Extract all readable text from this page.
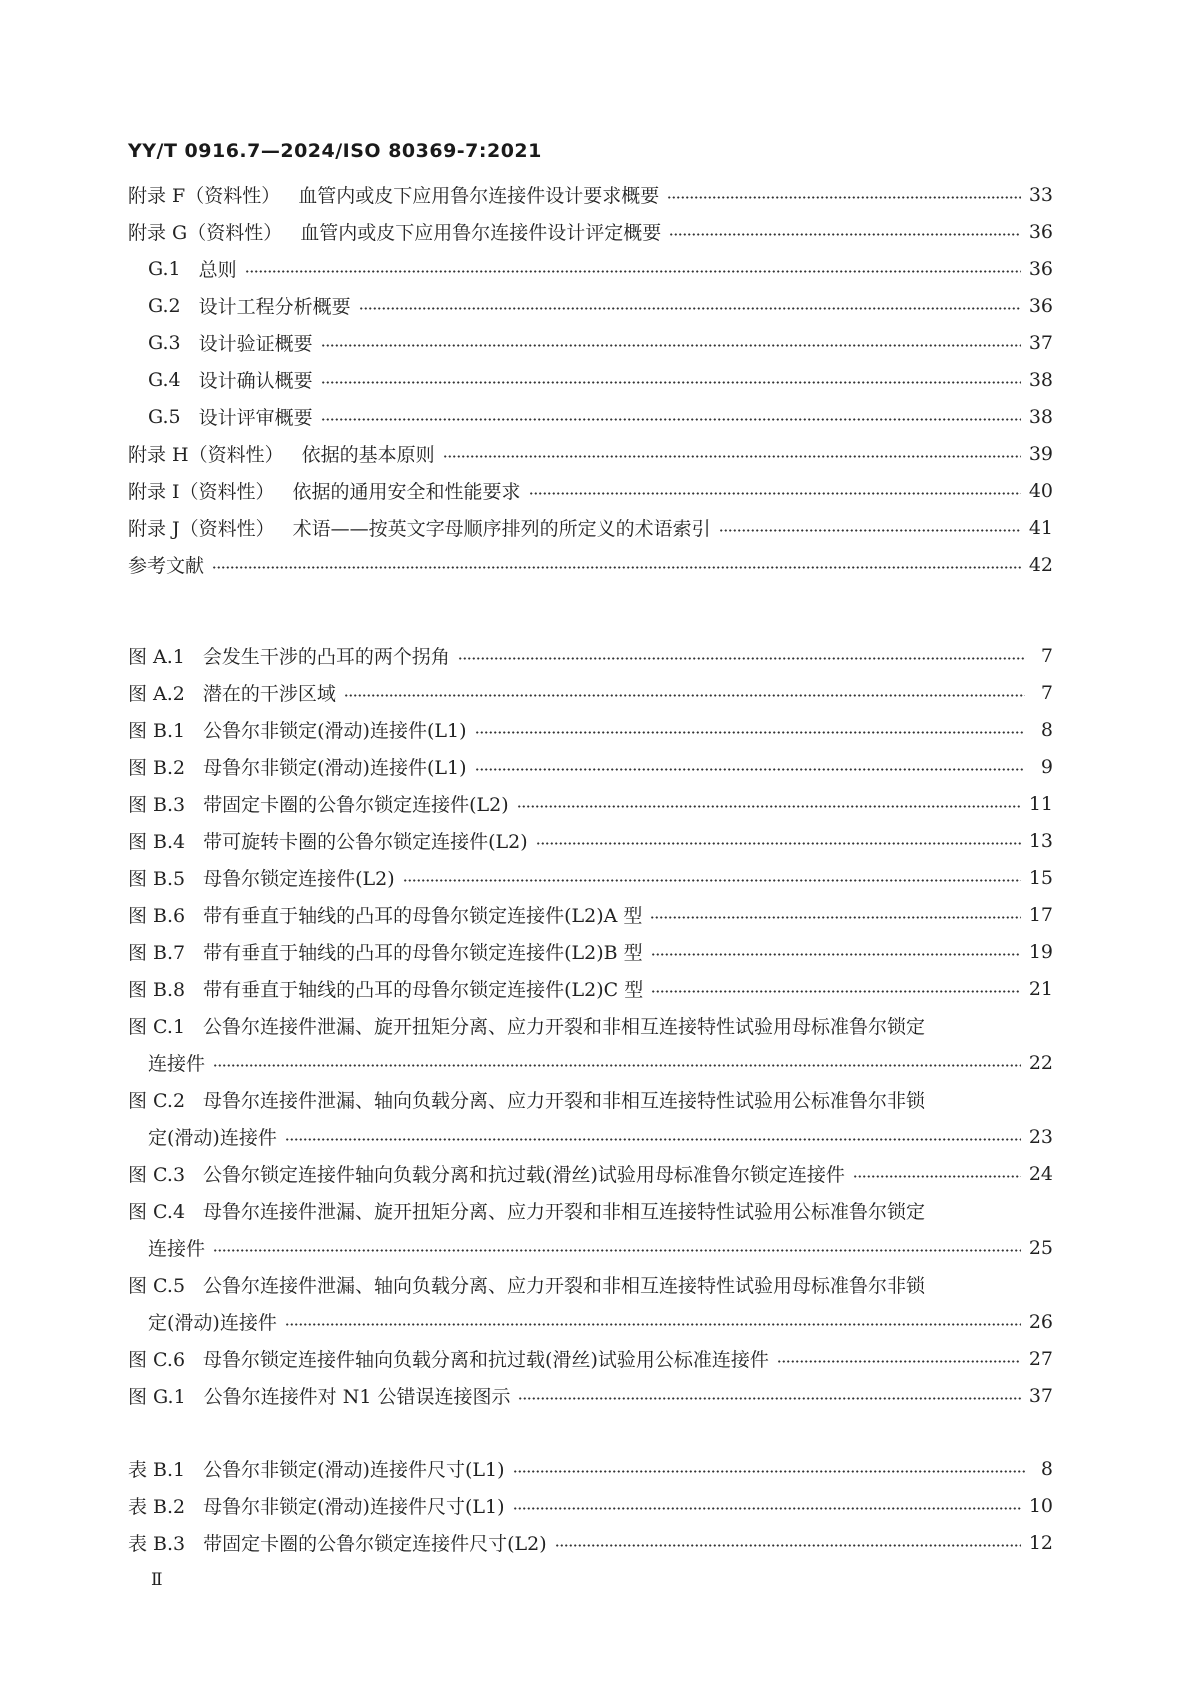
YY/T 0916.7—2024/ISO 80369-7:2021
附录 F（资料性） 血管内或皮下应用鲁尔连接件设计要求概要	33
附录 G（资料性） 血管内或皮下应用鲁尔连接件设计评定概要	36
G.1 总则	36
G.2 设计工程分析概要	36
G.3 设计验证概要	37
G.4 设计确认概要	38
G.5 设计评审概要	38
附录 H（资料性） 依据的基本原则	39
附录 I（资料性） 依据的通用安全和性能要求	40
附录 J（资料性） 术语——按英文字母顺序排列的所定义的术语索引	41
参考文献	42
图 A.1 会发生干涉的凸耳的两个拐角	7
图 A.2 潜在的干涉区域	7
图 B.1 公鲁尔非锁定(滑动)连接件(L1)	8
图 B.2 母鲁尔非锁定(滑动)连接件(L1)	9
图 B.3 带固定卡圈的公鲁尔锁定连接件(L2)	11
图 B.4 带可旋转卡圈的公鲁尔锁定连接件(L2)	13
图 B.5 母鲁尔锁定连接件(L2)	15
图 B.6 带有垂直于轴线的凸耳的母鲁尔锁定连接件(L2)A 型	17
图 B.7 带有垂直于轴线的凸耳的母鲁尔锁定连接件(L2)B 型	19
图 B.8 带有垂直于轴线的凸耳的母鲁尔锁定连接件(L2)C 型	21
图 C.1 公鲁尔连接件泄漏、旋开扭矩分离、应力开裂和非相互连接特性试验用母标准鲁尔锁定
连接件	22
图 C.2 母鲁尔连接件泄漏、轴向负载分离、应力开裂和非相互连接特性试验用公标准鲁尔非锁
定(滑动)连接件	23
图 C.3 公鲁尔锁定连接件轴向负载分离和抗过载(滑丝)试验用母标准鲁尔锁定连接件	24
图 C.4 母鲁尔连接件泄漏、旋开扭矩分离、应力开裂和非相互连接特性试验用公标准鲁尔锁定
连接件	25
图 C.5 公鲁尔连接件泄漏、轴向负载分离、应力开裂和非相互连接特性试验用母标准鲁尔非锁
定(滑动)连接件	26
图 C.6 母鲁尔锁定连接件轴向负载分离和抗过载(滑丝)试验用公标准连接件	27
图 G.1 公鲁尔连接件对 N1 公错误连接图示	37
表 B.1 公鲁尔非锁定(滑动)连接件尺寸(L1)	8
表 B.2 母鲁尔非锁定(滑动)连接件尺寸(L1)	10
表 B.3 带固定卡圈的公鲁尔锁定连接件尺寸(L2)	12
Ⅱ
